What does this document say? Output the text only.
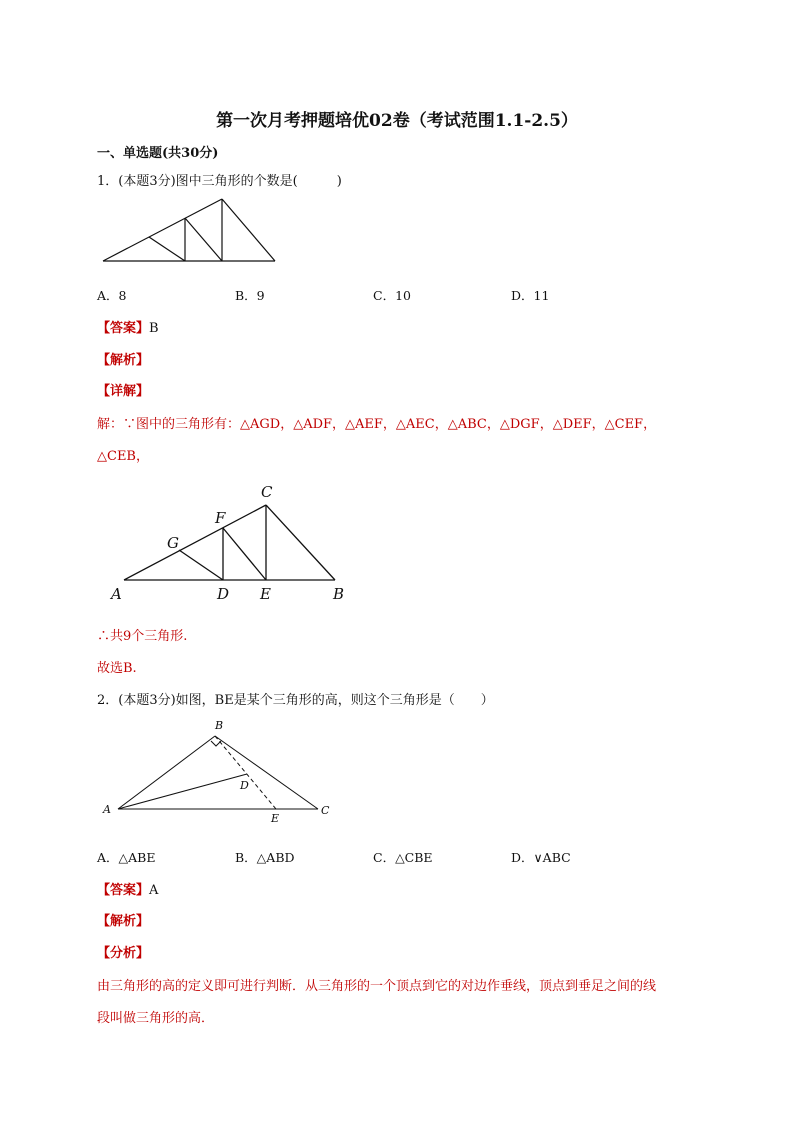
第一次月考押题培优02卷（考试范围1.1-2.5）
一、单选题(共30分)
1．(本题3分)图中三角形的个数是(　　　)
A．8	B．9	C．10	D．11
【答案】B
【解析】
【详解】
解：∵图中的三角形有：△AGD，△ADF，△AEF，△AEC，△ABC，△DGF，△DEF，△CEF，
△CEB，
A	D E	B
G
F
C
∴共9个三角形.
故选B.
2．(本题3分)如图，BE是某个三角形的高，则这个三角形是（　　）
B
A	C
D
E
A．△ABE	B．△ABD	C．△CBE	D．∨ABC
【答案】A
【解析】
【分析】
由三角形的高的定义即可进行判断．从三角形的一个顶点到它的对边作垂线，顶点到垂足之间的线
段叫做三角形的高．
